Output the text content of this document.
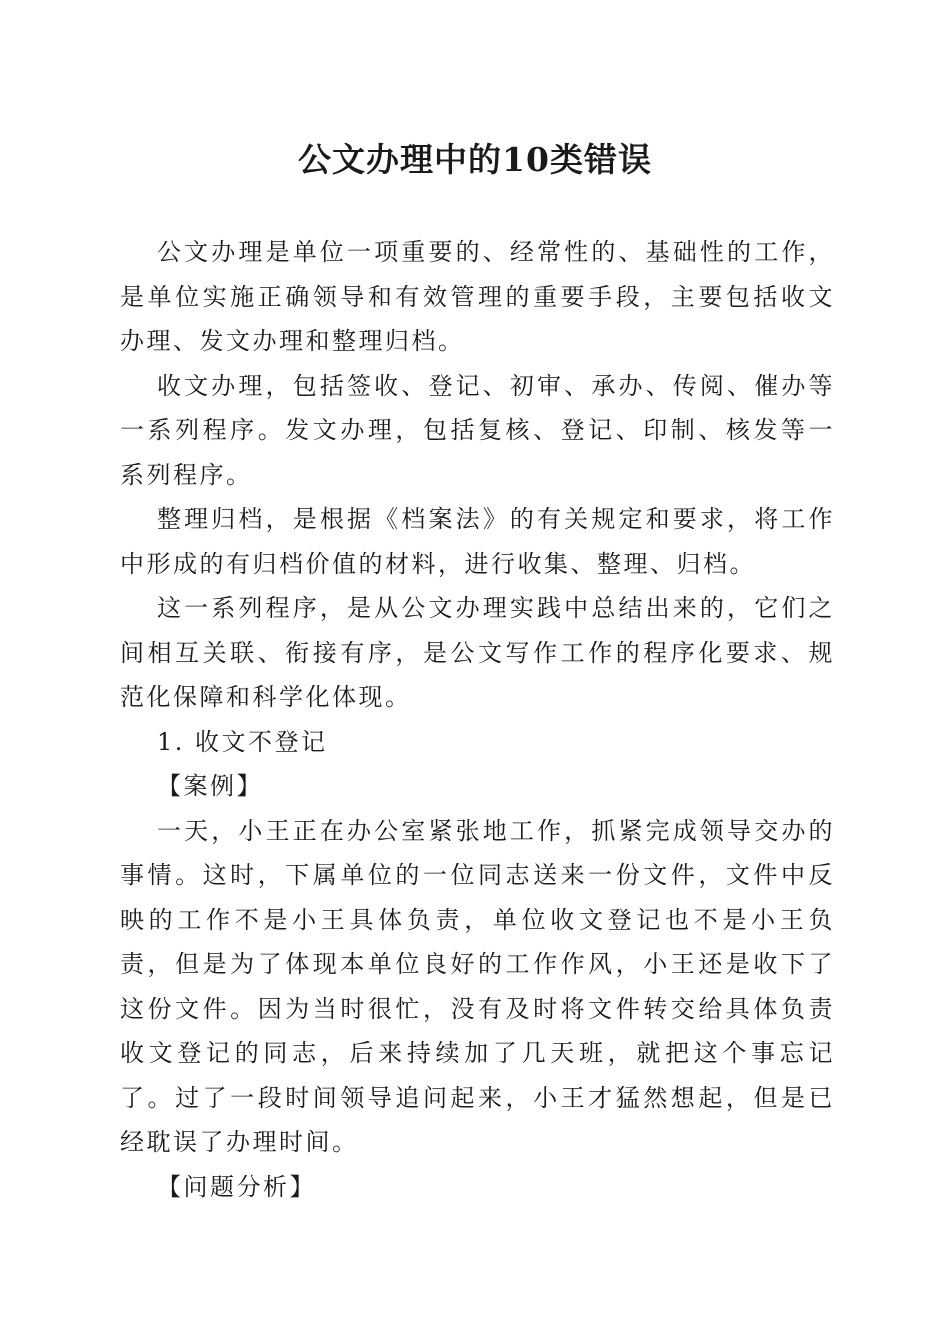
公文办理中的10类错误

公文办理是单位一项重要的、经常性的、基础性的工作，是单位实施正确领导和有效管理的重要手段，主要包括收文办理、发文办理和整理归档。

收文办理，包括签收、登记、初审、承办、传阅、催办等一系列程序。发文办理，包括复核、登记、印制、核发等一系列程序。

整理归档，是根据《档案法》的有关规定和要求，将工作中形成的有归档价值的材料，进行收集、整理、归档。

这一系列程序，是从公文办理实践中总结出来的，它们之间相互关联、衔接有序，是公文写作工作的程序化要求、规范化保障和科学化体现。

1. 收文不登记

【案例】

一天，小王正在办公室紧张地工作，抓紧完成领导交办的事情。这时，下属单位的一位同志送来一份文件，文件中反映的工作不是小王具体负责，单位收文登记也不是小王负责，但是为了体现本单位良好的工作作风，小王还是收下了这份文件。因为当时很忙，没有及时将文件转交给具体负责收文登记的同志，后来持续加了几天班，就把这个事忘记了。过了一段时间领导追问起来，小王才猛然想起，但是已经耽误了办理时间。

【问题分析】
